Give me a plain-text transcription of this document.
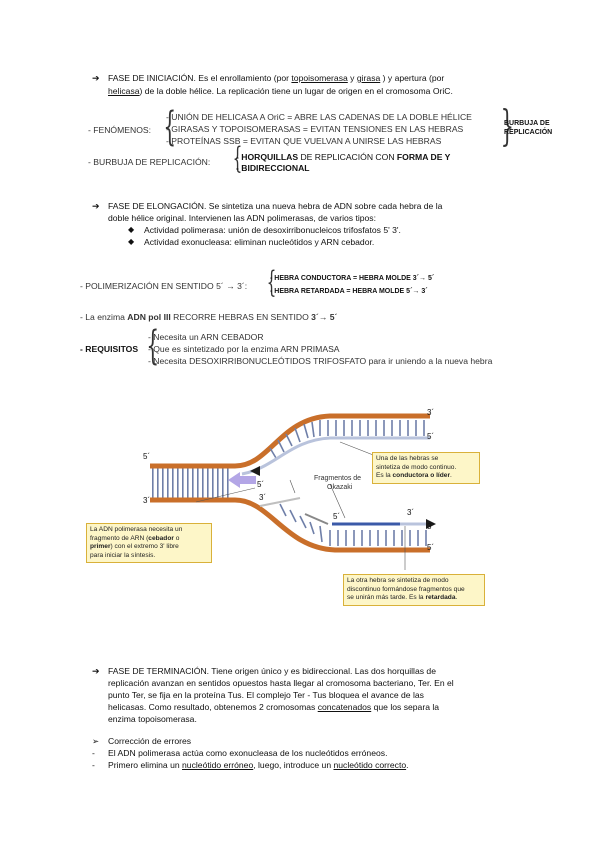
➔ FASE DE INICIACIÓN. Es el enrollamiento (por topoisomerasa y girasa ) y apertura (por
helicasa) de la doble hélice. La replicación tiene un lugar de origen en el cromosoma OriC.
- FENÓMENOS: {
- UNIÓN DE HELICASA A OriC = ABRE LAS CADENAS DE LA DOBLE HÉLICE
- GIRASAS Y TOPOISOMERASAS = EVITAN TENSIONES EN LAS HEBRAS
- PROTEÍNAS SSB = EVITAN QUE VUELVAN A UNIRSE LAS HEBRAS }
BURBUJA DE
REPLICACIÓN
- BURBUJA DE REPLICACIÓN: {
- HORQUILLAS DE REPLICACIÓN CON FORMA DE Y
- BIDIRECCIONAL
➔ FASE DE ELONGACIÓN. Se sintetiza una nueva hebra de ADN sobre cada hebra de la
doble hélice original. Intervienen las ADN polimerasas, de varios tipos:
◆ Actividad polimerasa: unión de desoxirribonucleicos trifosfatos 5' 3'.
◆ Actividad exonucleasa: eliminan nucleótidos y ARN cebador.
- POLIMERIZACIÓN EN SENTIDO 5´ → 3´: {
- HEBRA CONDUCTORA = HEBRA MOLDE 3´→ 5´
- HEBRA RETARDADA = HEBRA MOLDE 5´→ 3´
- La enzima ADN pol III RECORRE HEBRAS EN SENTIDO 3´→ 5´
- REQUISITOS {
- Necesita un ARN CEBADOR
- Que es sintetizado por la enzima ARN PRIMASA
- Necesita DESOXIRRIBONUCLEÓTIDOS TRIFOSFATO para ir uniendo a la nueva hebra
3´
5´
5´
3´
5´
3´
5´	3´
3´
5´
Fragmentos de
Okazaki
La ADN polimerasa necesita un
fragmento de ARN (cebador o
primer) con el extremo 3' libre
para iniciar la síntesis.
Una de las hebras se
sintetiza de modo continuo.
Es la conductora o líder.
La otra hebra se sintetiza de modo
discontinuo formándose fragmentos que
se unirán más tarde. Es la retardada.
➔ FASE DE TERMINACIÓN. Tiene origen único y es bidireccional. Las dos horquillas de
replicación avanzan en sentidos opuestos hasta llegar al cromosoma bacteriano, Ter. En el
punto Ter, se fija en la proteína Tus. El complejo Ter - Tus bloquea el avance de las
helicasas. Como resultado, obtenemos 2 cromosomas concatenados que los separa la
enzima topoisomerasa.
➢ Corrección de errores
- El ADN polimerasa actúa como exonucleasa de los nucleótidos erróneos.
- Primero elimina un nucleótido erróneo, luego, introduce un nucleótido correcto.
